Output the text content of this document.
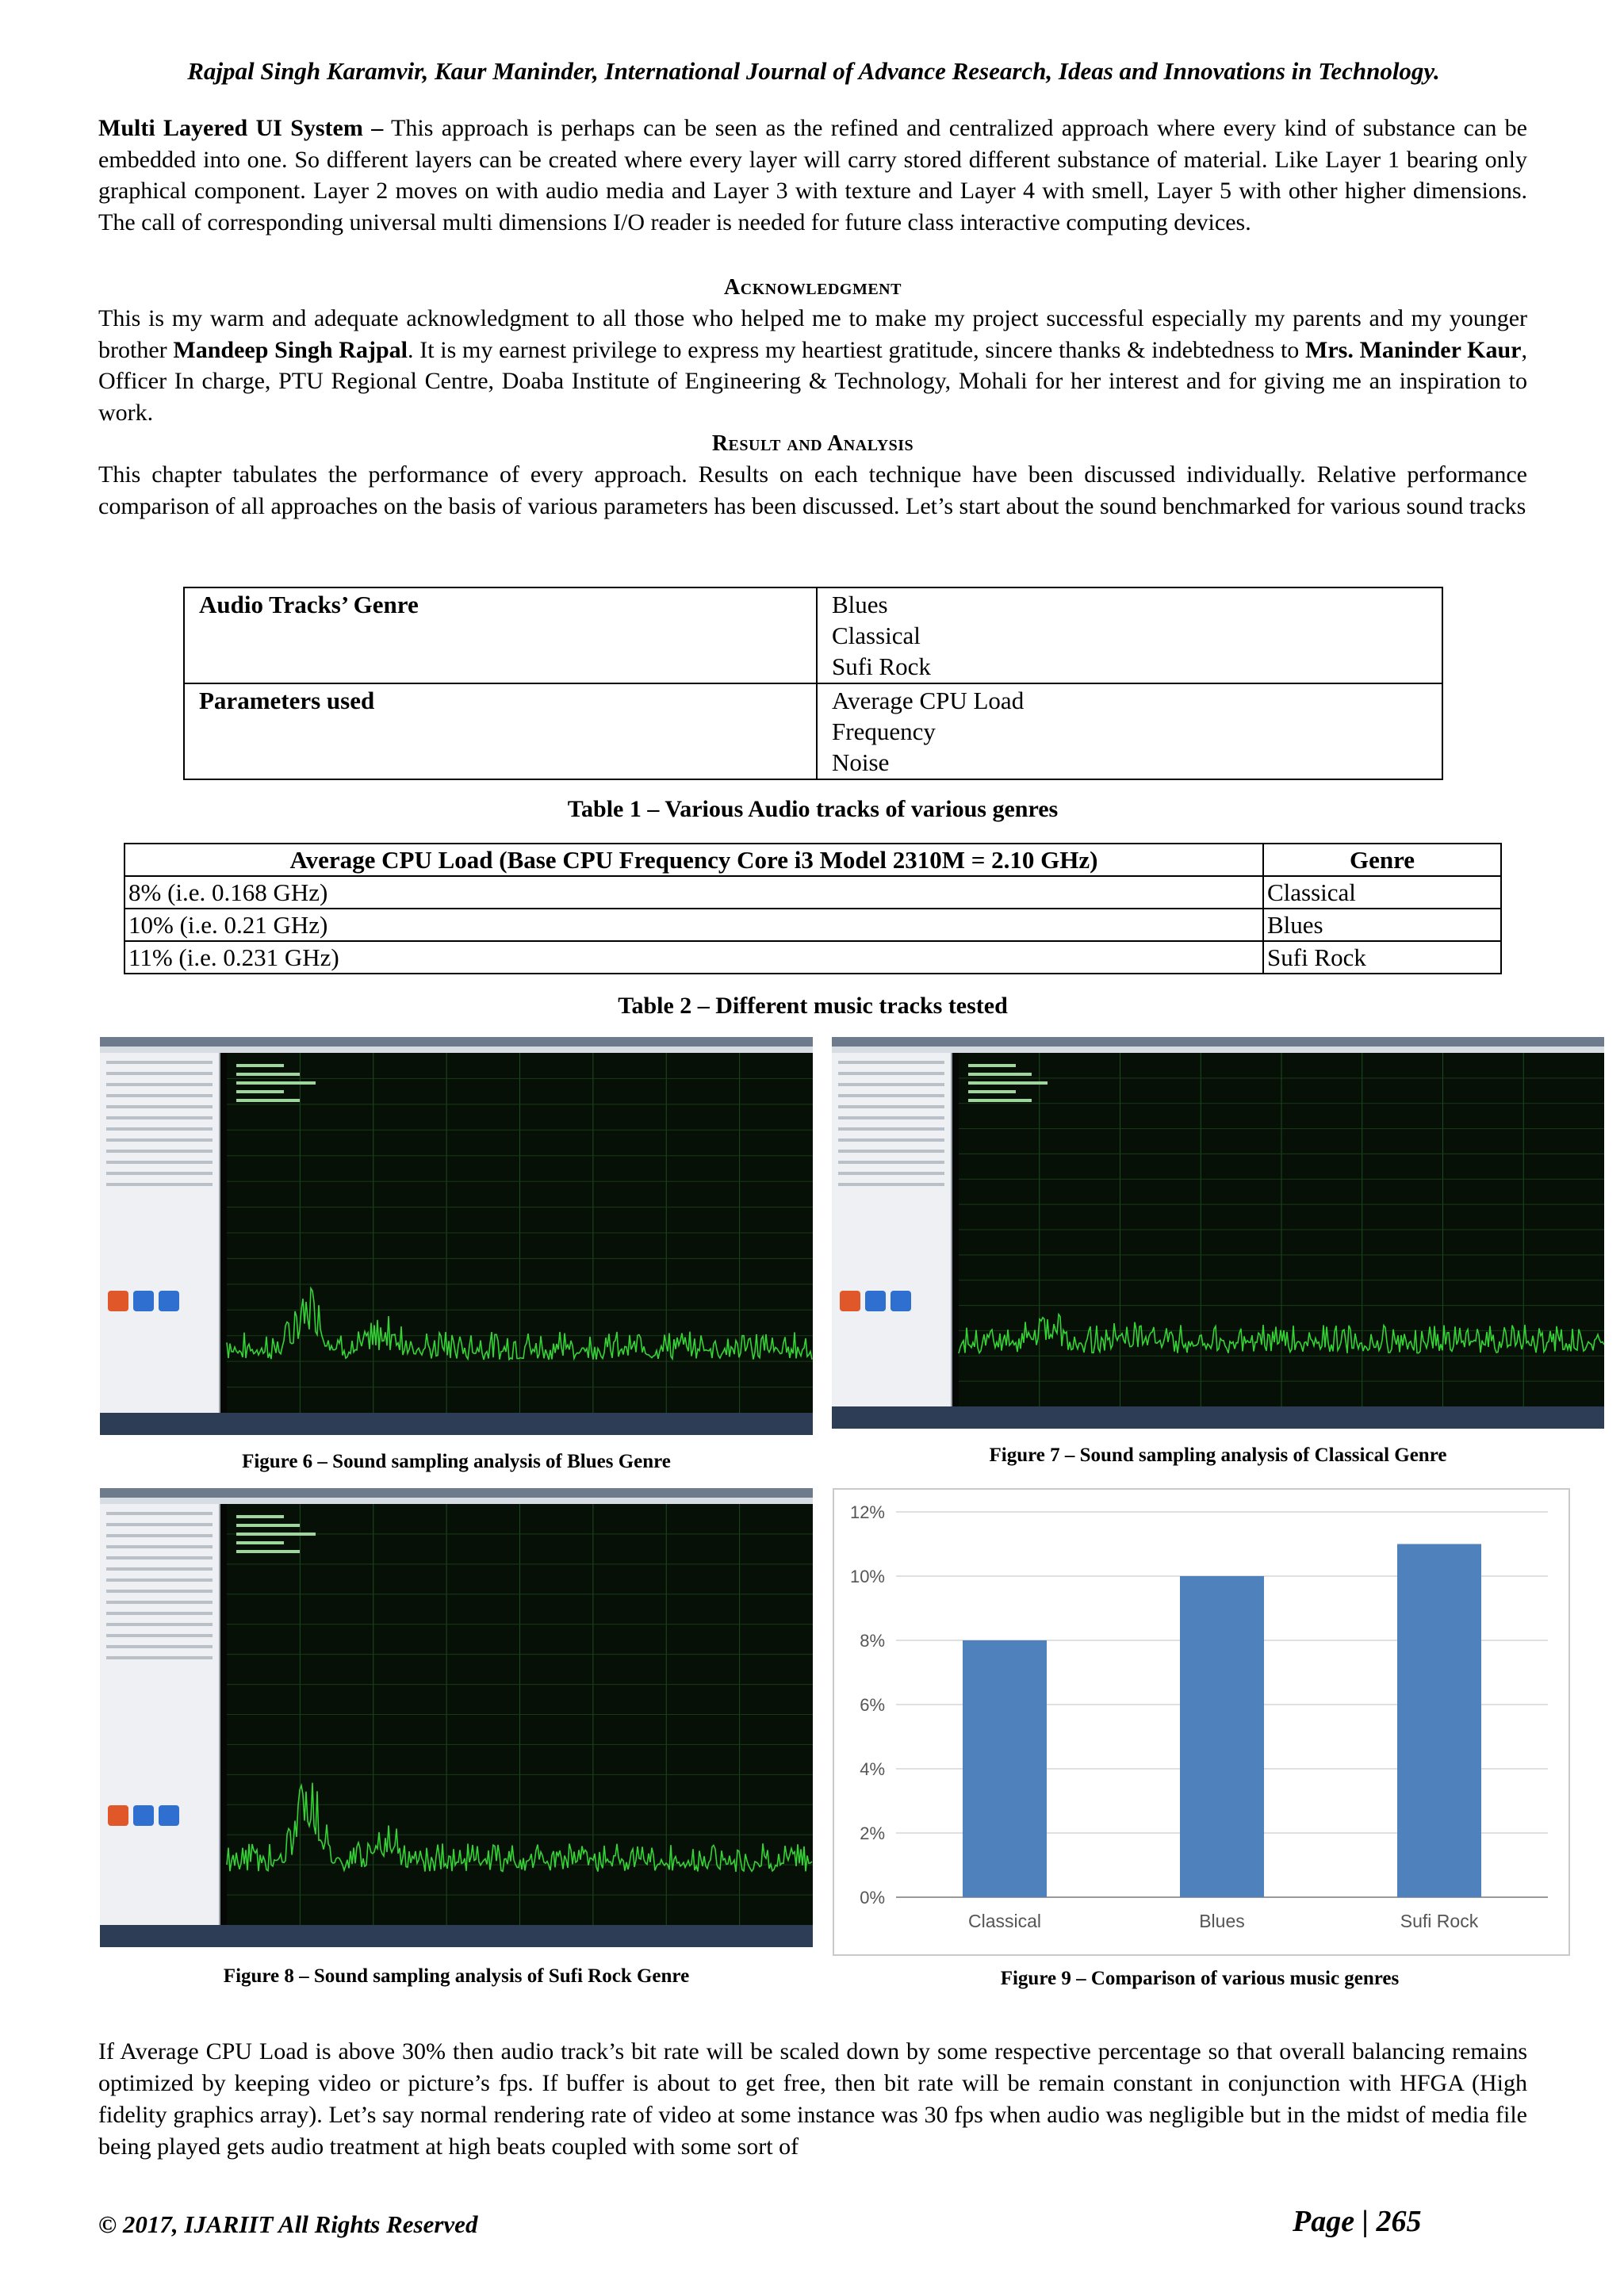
Rajpal Singh Karamvir, Kaur Maninder, International Journal of Advance Research, Ideas and Innovations in Technology.

Multi Layered UI System – This approach is perhaps can be seen as the refined and centralized approach where every kind of substance can be embedded into one. So different layers can be created where every layer will carry stored different substance of material. Like Layer 1 bearing only graphical component. Layer 2 moves on with audio media and Layer 3 with texture and Layer 4 with smell, Layer 5 with other higher dimensions. The call of corresponding universal multi dimensions I/O reader is needed for future class interactive computing devices.

Acknowledgment

This is my warm and adequate acknowledgment to all those who helped me to make my project successful especially my parents and my younger brother Mandeep Singh Rajpal. It is my earnest privilege to express my heartiest gratitude, sincere thanks & indebtedness to Mrs. Maninder Kaur, Officer In charge, PTU Regional Centre, Doaba Institute of Engineering & Technology, Mohali for her interest and for giving me an inspiration to work.

Result and Analysis

This chapter tabulates the performance of every approach. Results on each technique have been discussed individually. Relative performance comparison of all approaches on the basis of various parameters has been discussed. Let’s start about the sound benchmarked for various sound tracks

Audio Tracks’ Genre	Blues
Classical
Sufi Rock

Parameters used	Average CPU Load
Frequency
Noise
Table 1 – Various Audio tracks of various genres
Average CPU Load (Base CPU Frequency Core i3 Model 2310M = 2.10 GHz)	Genre
8% (i.e. 0.168 GHz)	Classical
10% (i.e. 0.21 GHz)	Blues
11% (i.e. 0.231 GHz)	Sufi Rock
Table 2 – Different music tracks tested
Figure 6 – Sound sampling analysis of Blues Genre	Figure 7 – Sound sampling analysis of Classical Genre
Figure 8 – Sound sampling analysis of Sufi Rock Genre
0%
2%
4%
6%
8%
10%
12%
Classical	Blues	Sufi Rock
Figure 9 – Comparison of various music genres

If Average CPU Load is above 30% then audio track’s bit rate will be scaled down by some respective percentage so that overall balancing remains optimized by keeping video or picture’s fps. If buffer is about to get free, then bit rate will be remain constant in conjunction with HFGA (High fidelity graphics array). Let’s say normal rendering rate of video at some instance was 30 fps when audio was negligible but in the midst of media file being played gets audio treatment at high beats coupled with some sort of

© 2017, IJARIIT All Rights Reserved	Page | 265
